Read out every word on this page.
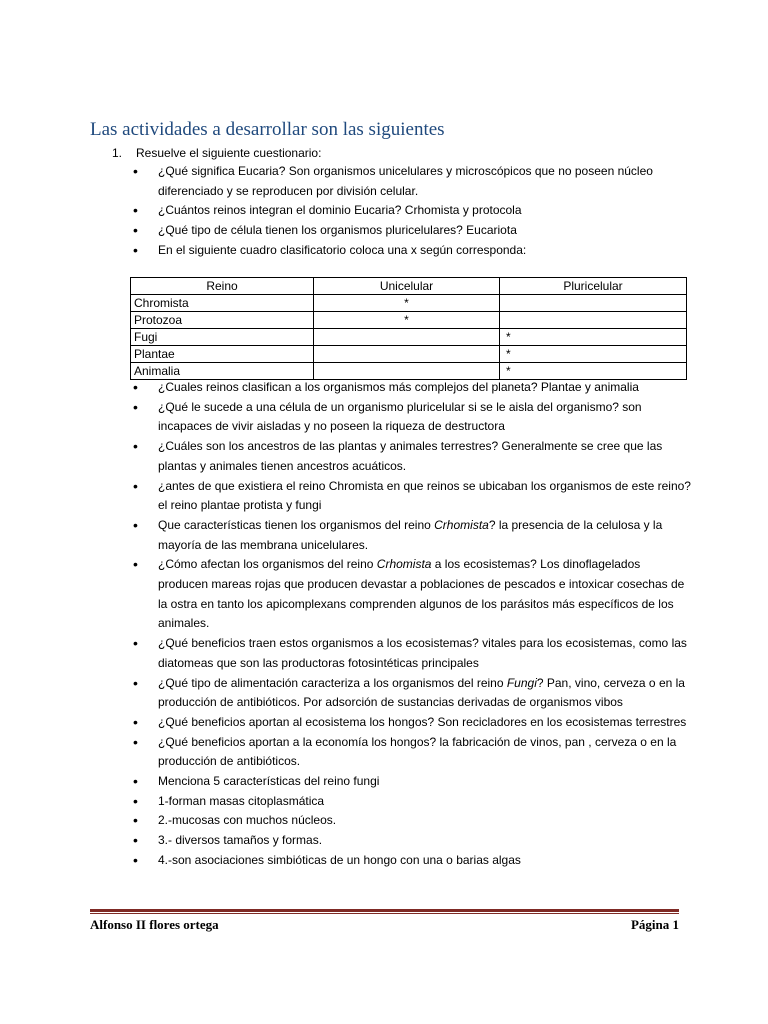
Las actividades a desarrollar son las siguientes

1. Resuelve el siguiente cuestionario:

• ¿Qué significa Eucaria? Son organismos unicelulares y microscópicos que no poseen núcleo diferenciado y se reproducen por división celular.
• ¿Cuántos reinos integran el dominio Eucaria? Crhomista y protocola
• ¿Qué tipo de célula tienen los organismos pluricelulares? Eucariota
• En el siguiente cuadro clasificatorio coloca una x según corresponda:
Reino	Unicelular	Pluricelular
Chromista	*	
Protozoa	*	
Fugi		*
Plantae		*
Animalia		*
• ¿Cuales reinos clasifican a los organismos más complejos del planeta? Plantae y animalia
• ¿Qué le sucede a una célula de un organismo pluricelular si se le aisla del organismo? son incapaces de vivir aisladas y no poseen la riqueza de destructora
• ¿Cuáles son los ancestros de las plantas y animales terrestres? Generalmente se cree que las plantas y animales tienen ancestros acuáticos.
• ¿antes de que existiera el reino Chromista en que reinos se ubicaban los organismos de este reino? el reino plantae protista y fungi
• Que características tienen los organismos del reino Crhomista? la presencia de la celulosa y la mayoría de las membrana unicelulares.
• ¿Cómo afectan los organismos del reino Crhomista a los ecosistemas? Los dinoflagelados producen mareas rojas que producen devastar a poblaciones de pescados e intoxicar cosechas de la ostra en tanto los apicomplexans comprenden algunos de los parásitos más específicos de los animales.
• ¿Qué beneficios traen estos organismos a los ecosistemas? vitales para los ecosistemas, como las diatomeas que son las productoras fotosintéticas principales
• ¿Qué tipo de alimentación caracteriza a los organismos del reino Fungi? Pan, vino, cerveza o en la producción de antibióticos. Por adsorción de sustancias derivadas de organismos vibos
• ¿Qué beneficios aportan al ecosistema los hongos? Son recicladores en los ecosistemas terrestres
• ¿Qué beneficios aportan a la economía los hongos? la fabricación de vinos, pan , cerveza o en la producción de antibióticos.
• Menciona 5 características del reino fungi
• 1-forman masas citoplasmática
• 2.-mucosas con muchos núcleos.
• 3.- diversos tamaños y formas.
• 4.-son asociaciones simbióticas de un hongo con una o barias algas
Alfonso II flores ortega	Página 1
